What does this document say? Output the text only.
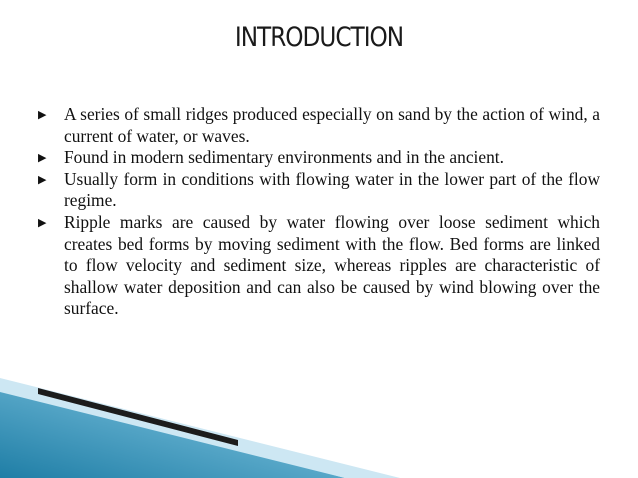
INTRODUCTION
▶ A series of small ridges produced especially on sand by the action of wind, a current of water, or waves.
▶ Found in modern sedimentary environments and in the ancient.
▶ Usually form in conditions with flowing water in the lower part of the flow regime.
▶ Ripple marks are caused by water flowing over loose sediment which creates bed forms by moving sediment with the flow. Bed forms are linked to flow velocity and sediment size, whereas ripples are characteristic of shallow water deposition and can also be caused by wind blowing over the surface.
